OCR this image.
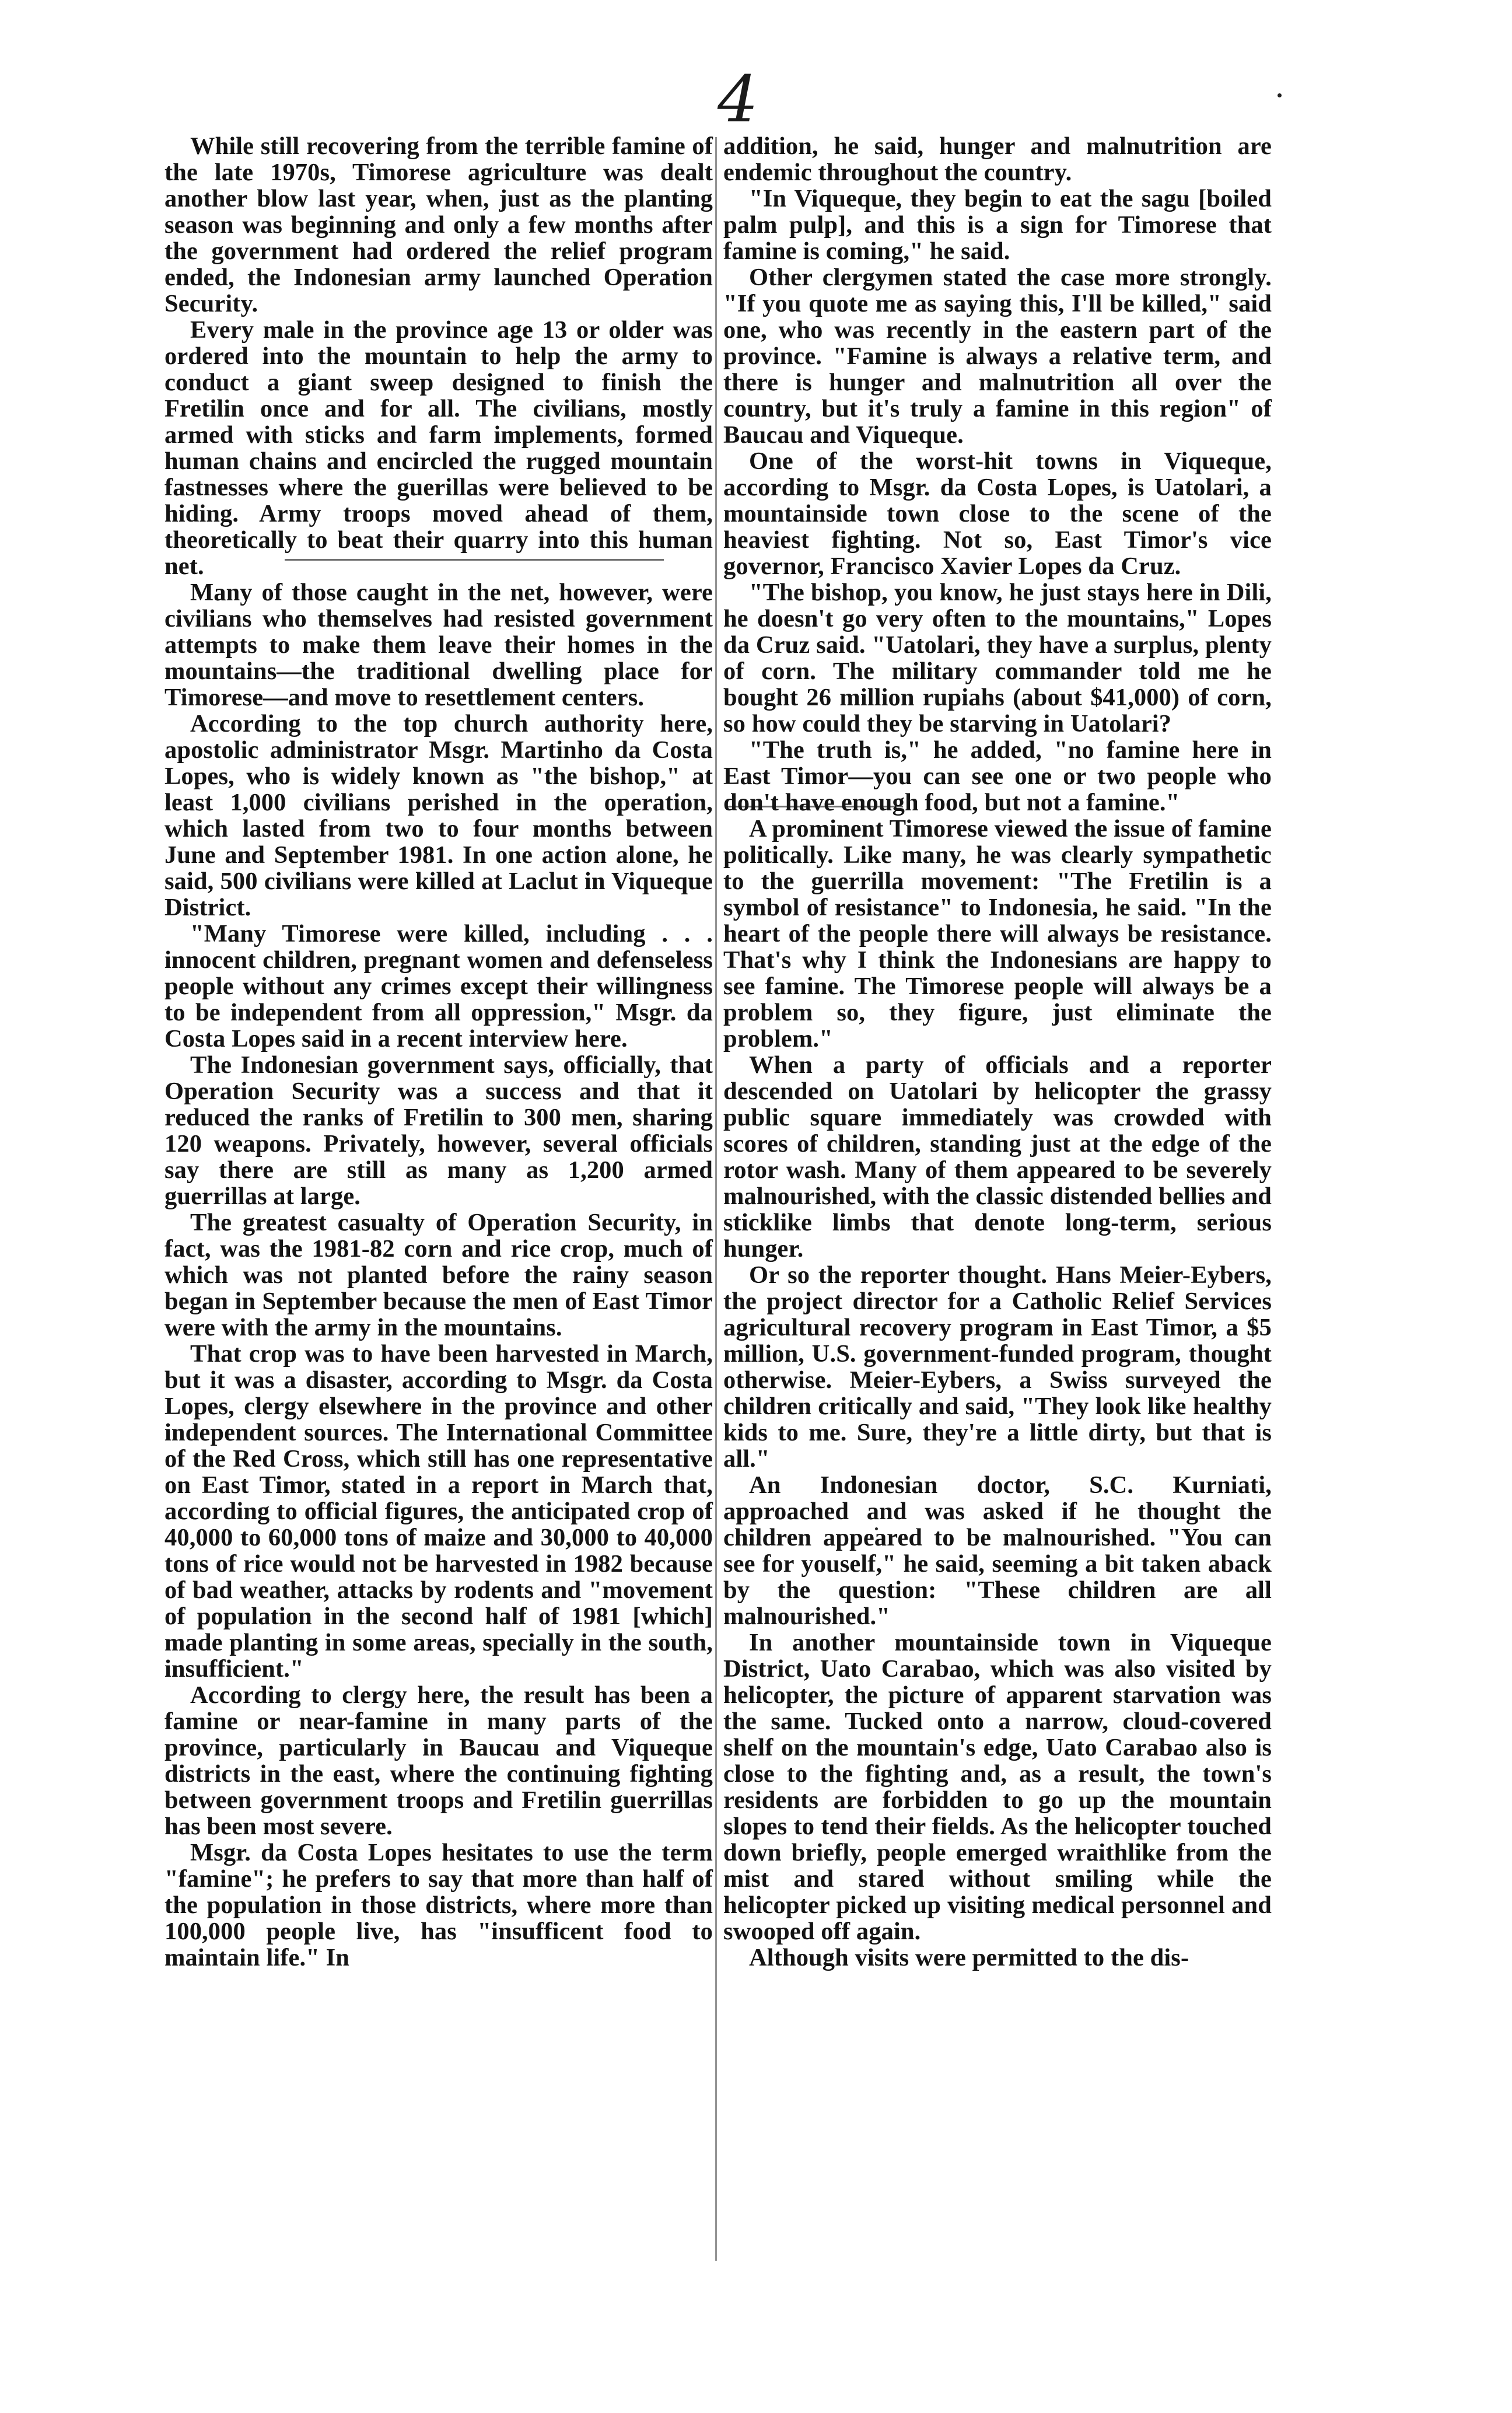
4

While still recovering from the terrible famine of the late 1970s, Timorese agriculture was dealt another blow last year, when, just as the planting season was beginning and only a few months after the government had ordered the relief program ended, the Indonesian army launched Operation Security.

Every male in the province age 13 or older was ordered into the mountain to help the army to conduct a giant sweep designed to finish the Fretilin once and for all. The civilians, mostly armed with sticks and farm implements, formed human chains and encircled the rugged mountain fastnesses where the guerillas were believed to be hiding. Army troops moved ahead of them, theoretically to beat their quarry into this human net.

Many of those caught in the net, however, were civilians who themselves had resisted government attempts to make them leave their homes in the mountains—the traditional dwelling place for Timorese—and move to resettlement centers.

According to the top church authority here, apostolic administrator Msgr. Martinho da Costa Lopes, who is widely known as "the bishop," at least 1,000 civilians perished in the operation, which lasted from two to four months between June and September 1981. In one action alone, he said, 500 civilians were killed at Laclut in Viqueque District.

"Many Timorese were killed, including . . . innocent children, pregnant women and defenseless people without any crimes except their willingness to be independent from all oppression," Msgr. da Costa Lopes said in a recent interview here.

The Indonesian government says, officially, that Operation Security was a success and that it reduced the ranks of Fretilin to 300 men, sharing 120 weapons. Privately, however, several officials say there are still as many as 1,200 armed guerrillas at large.

The greatest casualty of Operation Security, in fact, was the 1981-82 corn and rice crop, much of which was not planted before the rainy season began in September because the men of East Timor were with the army in the mountains.

That crop was to have been harvested in March, but it was a disaster, according to Msgr. da Costa Lopes, clergy elsewhere in the province and other independent sources. The International Committee of the Red Cross, which still has one representative on East Timor, stated in a report in March that, according to official figures, the anticipated crop of 40,000 to 60,000 tons of maize and 30,000 to 40,000 tons of rice would not be harvested in 1982 because of bad weather, attacks by rodents and "movement of population in the second half of 1981 [which] made planting in some areas, specially in the south, insufficient."

According to clergy here, the result has been a famine or near-famine in many parts of the province, particularly in Baucau and Viqueque districts in the east, where the continuing fighting between government troops and Fretilin guerrillas has been most severe.

Msgr. da Costa Lopes hesitates to use the term "famine"; he prefers to say that more than half of the population in those districts, where more than 100,000 people live, has "insufficent food to maintain life." In

addition, he said, hunger and malnutrition are endemic throughout the country.

"In Viqueque, they begin to eat the sagu [boiled palm pulp], and this is a sign for Timorese that famine is coming," he said.

Other clergymen stated the case more strongly. "If you quote me as saying this, I'll be killed," said one, who was recently in the eastern part of the province. "Famine is always a relative term, and there is hunger and malnutrition all over the country, but it's truly a famine in this region" of Baucau and Viqueque.

One of the worst-hit towns in Viqueque, according to Msgr. da Costa Lopes, is Uatolari, a mountainside town close to the scene of the heaviest fighting. Not so, East Timor's vice governor, Francisco Xavier Lopes da Cruz.

"The bishop, you know, he just stays here in Dili, he doesn't go very often to the mountains," Lopes da Cruz said. "Uatolari, they have a surplus, plenty of corn. The military commander told me he bought 26 million rupiahs (about $41,000) of corn, so how could they be starving in Uatolari?

"The truth is," he added, "no famine here in East Timor—you can see one or two people who don't have enough food, but not a famine."

A prominent Timorese viewed the issue of famine politically. Like many, he was clearly sympathetic to the guerrilla movement: "The Fretilin is a symbol of resistance" to Indonesia, he said. "In the heart of the people there will always be resistance. That's why I think the Indonesians are happy to see famine. The Timorese people will always be a problem so, they figure, just eliminate the problem."

When a party of officials and a reporter descended on Uatolari by helicopter the grassy public square immediately was crowded with scores of children, standing just at the edge of the rotor wash. Many of them appeared to be severely malnourished, with the classic distended bellies and sticklike limbs that denote long-term, serious hunger.

Or so the reporter thought. Hans Meier-Eybers, the project director for a Catholic Relief Services agricultural recovery program in East Timor, a $5 million, U.S. government-funded program, thought otherwise. Meier-Eybers, a Swiss surveyed the children critically and said, "They look like healthy kids to me. Sure, they're a little dirty, but that is all."

An Indonesian doctor, S.C. Kurniati, approached and was asked if he thought the children appeared to be malnourished. "You can see for youself," he said, seeming a bit taken aback by the question: "These children are all malnourished."

In another mountainside town in Viqueque District, Uato Carabao, which was also visited by helicopter, the picture of apparent starvation was the same. Tucked onto a narrow, cloud-covered shelf on the mountain's edge, Uato Carabao also is close to the fighting and, as a result, the town's residents are forbidden to go up the mountain slopes to tend their fields. As the helicopter touched down briefly, people emerged wraithlike from the mist and stared without smiling while the helicopter picked up visiting medical personnel and swooped off again.

Although visits were permitted to the dis-
